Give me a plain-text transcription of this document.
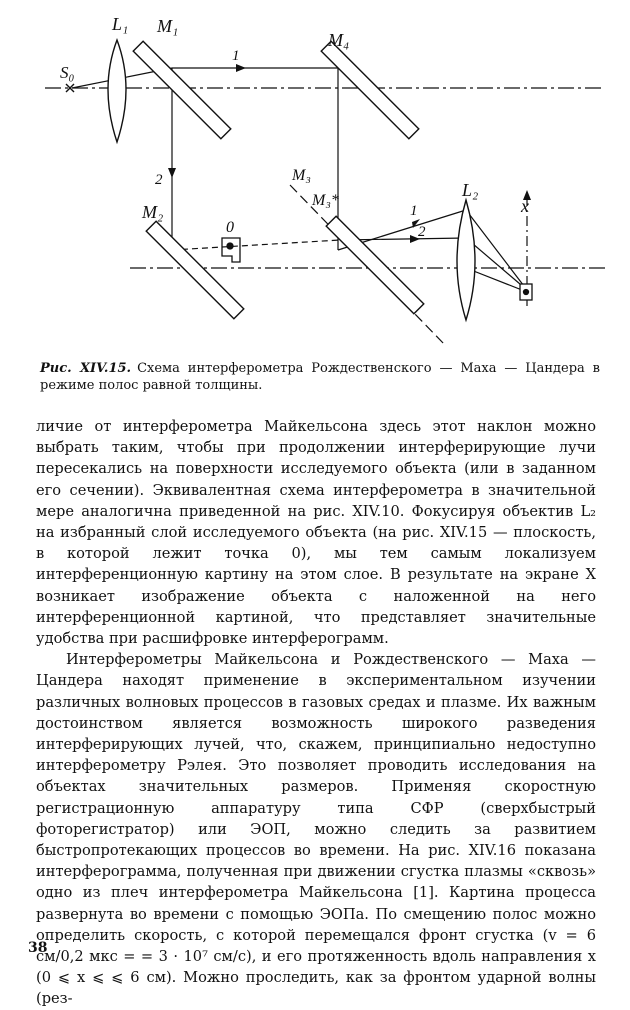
S₀
L₁ M₁
M₄
M₂
M₃
M₃*
L₂
0
x
1
2
1
2
Рис. XIV.15. Схема интерферометра Рождественского — Маха — Цандера в режиме полос равной толщины.

личие от интерферометра Майкельсона здесь этот наклон можно выбрать таким, чтобы при продолжении интерферирующие лучи пересекались на поверхности исследуемого объекта (или в заданном его сечении). Эквивалентная схема интерферометра в значительной мере аналогична приведенной на рис. XIV.10. Фокусируя объектив L₂ на избранный слой исследуемого объекта (на рис. XIV.15 — плоскость, в которой лежит точка 0), мы тем самым локализуем интерференционную картину на этом слое. В результате на экране X возникает изображение объекта с наложенной на него интерференционной картиной, что представляет значительные удобства при расшифровке интерферограмм.

Интерферометры Майкельсона и Рождественского — Маха — Цандера находят применение в экспериментальном изучении различных волновых процессов в газовых средах и плазме. Их важным достоинством является возможность широкого разведения интерферирующих лучей, что, скажем, принципиально недоступно интерферометру Рэлея. Это позволяет проводить исследования на объектах значительных размеров. Применяя скоростную регистрационную аппаратуру типа СФР (сверхбыстрый фоторегистратор) или ЭОП, можно следить за развитием быстропротекающих процессов во времени. На рис. XIV.16 показана интерферограмма, полученная при движении сгустка плазмы «сквозь» одно из плеч интерферометра Майкельсона [1]. Картина процесса развернута во времени с помощью ЭОПа. По смещению полос можно определить скорость, с которой перемещался фронт сгустка (v = 6 см/0,2 мкс = = 3 · 10⁷ см/с), и его протяженность вдоль направления x (0 ⩽ x ⩽ ⩽ 6 см). Можно проследить, как за фронтом ударной волны (рез-

38
